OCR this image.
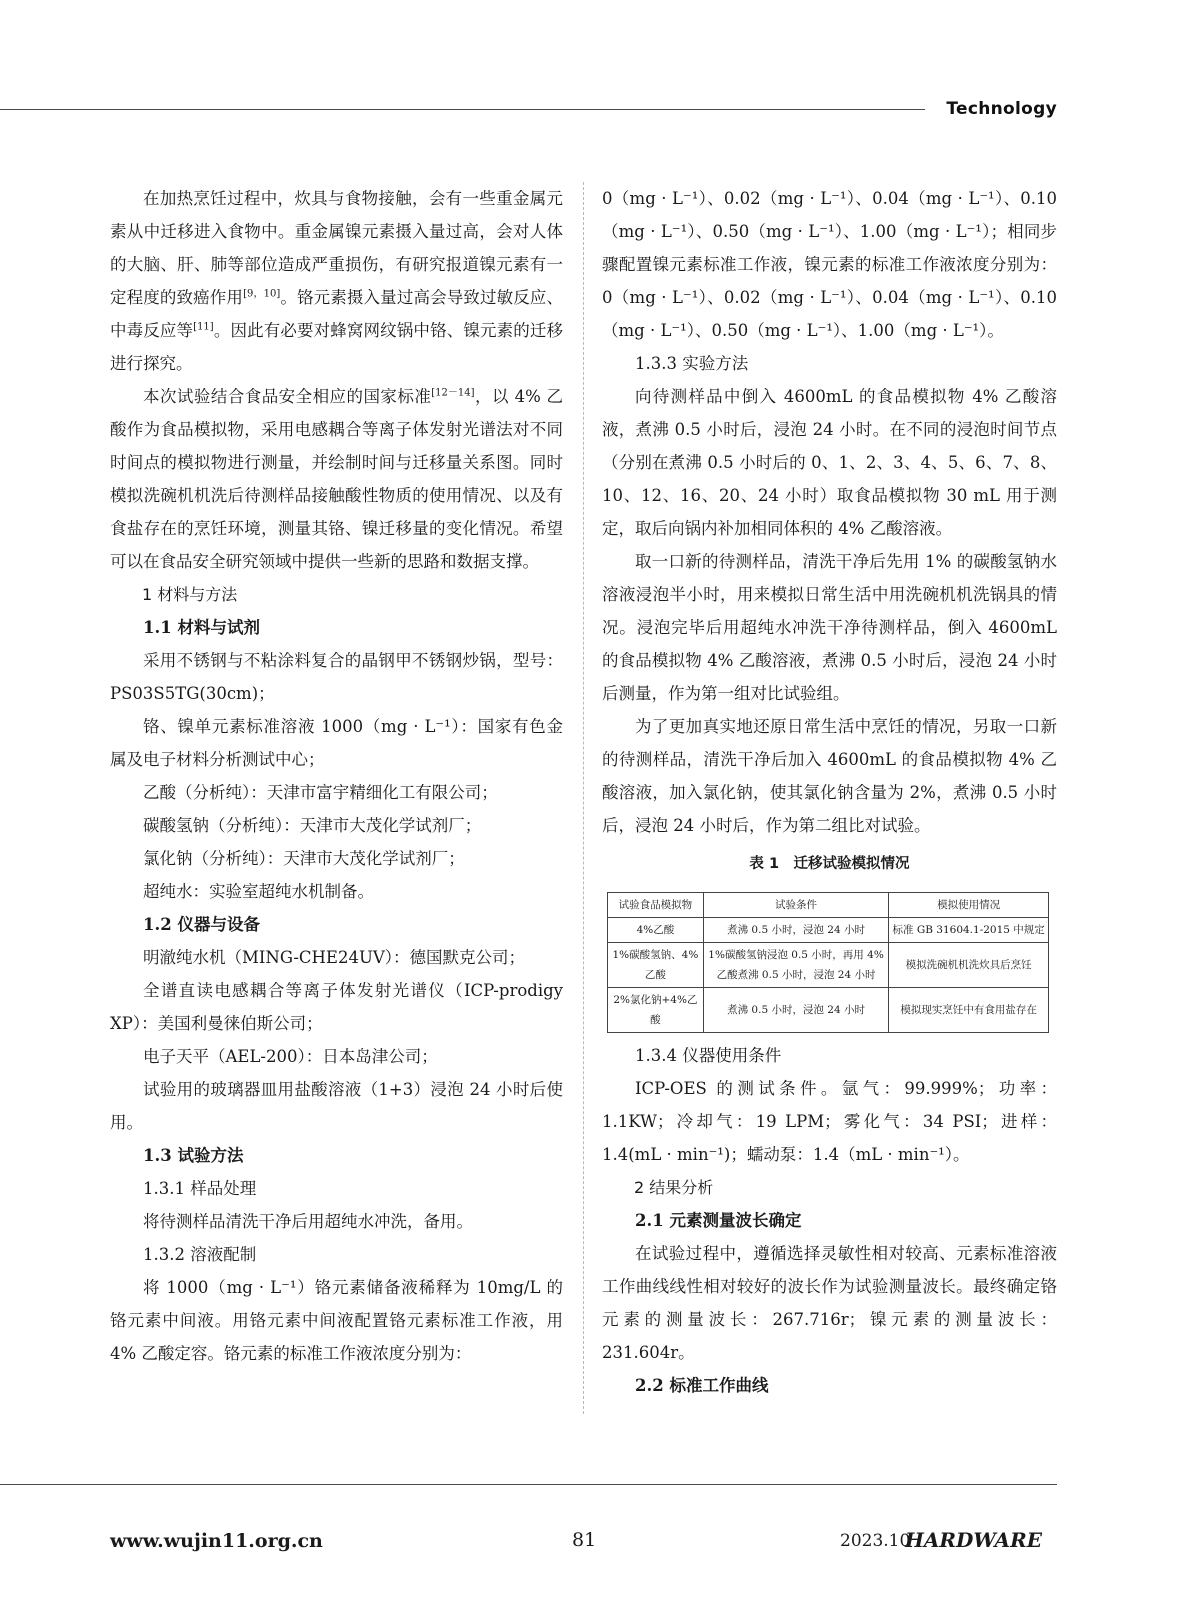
Technology

在加热烹饪过程中，炊具与食物接触，会有一些重金属元素从中迁移进入食物中。重金属镍元素摄入量过高，会对人体的大脑、肝、肺等部位造成严重损伤，有研究报道镍元素有一定程度的致癌作用[9，10]。铬元素摄入量过高会导致过敏反应、中毒反应等[11]。因此有必要对蜂窝网纹锅中铬、镍元素的迁移进行探究。

本次试验结合食品安全相应的国家标准[12－14]，以 4% 乙酸作为食品模拟物，采用电感耦合等离子体发射光谱法对不同时间点的模拟物进行测量，并绘制时间与迁移量关系图。同时模拟洗碗机机洗后待测样品接触酸性物质的使用情况、以及有食盐存在的烹饪环境，测量其铬、镍迁移量的变化情况。希望可以在食品安全研究领域中提供一些新的思路和数据支撑。

1 材料与方法

1.1 材料与试剂

采用不锈钢与不粘涂料复合的晶钢甲不锈钢炒锅，型号：PS03S5TG(30cm)；

铬、镍单元素标准溶液 1000（mg · L⁻¹）：国家有色金属及电子材料分析测试中心；

乙酸（分析纯）：天津市富宇精细化工有限公司；

碳酸氢钠（分析纯）：天津市大茂化学试剂厂；

氯化钠（分析纯）：天津市大茂化学试剂厂；

超纯水：实验室超纯水机制备。

1.2 仪器与设备

明澈纯水机（MING-CHE24UV）：德国默克公司；

全谱直读电感耦合等离子体发射光谱仪（ICP-prodigy XP）：美国利曼徕伯斯公司；

电子天平（AEL-200）：日本岛津公司；

试验用的玻璃器皿用盐酸溶液（1+3）浸泡 24 小时后使用。

1.3 试验方法

1.3.1 样品处理

将待测样品清洗干净后用超纯水冲洗，备用。

1.3.2 溶液配制

将 1000（mg · L⁻¹）铬元素储备液稀释为 10mg/L 的铬元素中间液。用铬元素中间液配置铬元素标准工作液，用 4% 乙酸定容。铬元素的标准工作液浓度分别为：

0（mg · L⁻¹）、0.02（mg · L⁻¹）、0.04（mg · L⁻¹）、0.10（mg · L⁻¹）、0.50（mg · L⁻¹）、1.00（mg · L⁻¹）；相同步骤配置镍元素标准工作液，镍元素的标准工作液浓度分别为：0（mg · L⁻¹）、0.02（mg · L⁻¹）、0.04（mg · L⁻¹）、0.10（mg · L⁻¹）、0.50（mg · L⁻¹）、1.00（mg · L⁻¹）。

1.3.3 实验方法

向待测样品中倒入 4600mL 的食品模拟物 4% 乙酸溶液，煮沸 0.5 小时后，浸泡 24 小时。在不同的浸泡时间节点（分别在煮沸 0.5 小时后的 0、1、2、3、4、5、6、7、8、10、12、16、20、24 小时）取食品模拟物 30 mL 用于测定，取后向锅内补加相同体积的 4% 乙酸溶液。

取一口新的待测样品，清洗干净后先用 1% 的碳酸氢钠水溶液浸泡半小时，用来模拟日常生活中用洗碗机机洗锅具的情况。浸泡完毕后用超纯水冲洗干净待测样品，倒入 4600mL 的食品模拟物 4% 乙酸溶液，煮沸 0.5 小时后，浸泡 24 小时后测量，作为第一组对比试验组。

为了更加真实地还原日常生活中烹饪的情况，另取一口新的待测样品，清洗干净后加入 4600mL 的食品模拟物 4% 乙酸溶液，加入氯化钠，使其氯化钠含量为 2%，煮沸 0.5 小时后，浸泡 24 小时后，作为第二组比对试验。

表 1　迁移试验模拟情况
试验食品模拟物	试验条件	模拟使用情况
4%乙酸	煮沸 0.5 小时，浸泡 24 小时	标准 GB 31604.1-2015 中规定
1%碳酸氢钠、4%乙酸	1%碳酸氢钠浸泡 0.5 小时，再用 4% 乙酸煮沸 0.5 小时，浸泡 24 小时	模拟洗碗机机洗炊具后烹饪
2%氯化钠+4%乙酸	煮沸 0.5 小时，浸泡 24 小时	模拟现实烹饪中有食用盐存在

1.3.4 仪器使用条件

ICP-OES 的测试条件。氩气：99.999%；功率：1.1KW；冷却气：19 LPM；雾化气：34 PSI；进样：1.4(mL · min⁻¹)；蠕动泵：1.4（mL · min⁻¹）。

2 结果分析

2.1 元素测量波长确定

在试验过程中，遵循选择灵敏性相对较高、元素标准溶液工作曲线线性相对较好的波长作为试验测量波长。最终确定铬元素的测量波长：267.716r；镍元素的测量波长：231.604r。

2.2 标准工作曲线

www.wujin11.org.cn	81	2023.10
HARDWARE
